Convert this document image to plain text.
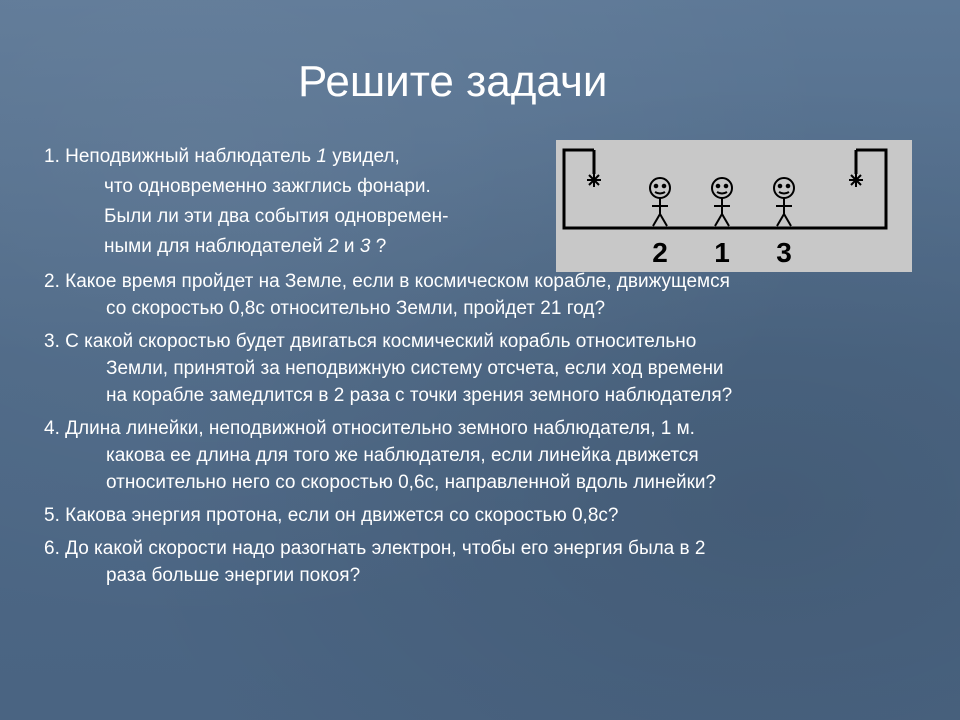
Решите задачи
2 1 3
1. Неподвижный наблюдатель 1 увидел,
что одновременно зажглись фонари.
Были ли эти два события одновремен-
ными для наблюдателей 2 и 3 ?
2. Какое время пройдет на Земле, если в космическом корабле, движущемся
со скоростью 0,8с относительно Земли, пройдет 21 год?
3. С какой скоростью будет двигаться космический корабль относительно
Земли, принятой за неподвижную систему отсчета, если ход времени
на корабле замедлится в 2 раза с точки зрения земного наблюдателя?
4. Длина линейки, неподвижной относительно земного наблюдателя, 1 м.
какова ее длина для того же наблюдателя, если линейка движется
относительно него со скоростью 0,6с, направленной вдоль линейки?
5. Какова энергия протона, если он движется со скоростью 0,8с?
6. До какой скорости надо разогнать электрон, чтобы его энергия была в 2
раза больше энергии покоя?
